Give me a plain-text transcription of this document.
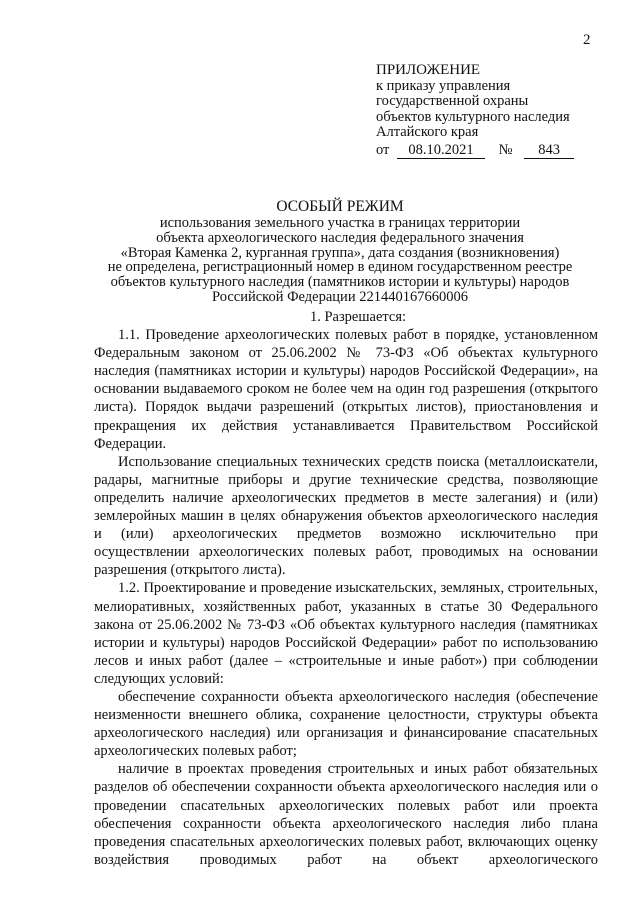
2
ПРИЛОЖЕНИЕ
к приказу управления
государственной охраны
объектов культурного наследия
Алтайского края
от 08.10.2021 № 843
ОСОБЫЙ РЕЖИМ
использования земельного участка в границах территории
объекта археологического наследия федерального значения
«Вторая Каменка 2, курганная группа», дата создания (возникновения)
не определена, регистрационный номер в едином государственном реестре
объектов культурного наследия (памятников истории и культуры) народов
Российской Федерации 221440167660006

1. Разрешается:

1.1. Проведение археологических полевых работ в порядке, установленном Федеральным законом от 25.06.2002 № 73-ФЗ «Об объектах культурного наследия (памятниках истории и культуры) народов Российской Федерации», на основании выдаваемого сроком не более чем на один год разрешения (открытого листа). Порядок выдачи разрешений (открытых листов), приостановления и прекращения их действия устанавливается Правительством Российской Федерации.

Использование специальных технических средств поиска (металлоискатели, радары, магнитные приборы и другие технические средства, позволяющие определить наличие археологических предметов в месте залегания) и (или) землеройных машин в целях обнаружения объектов археологического наследия и (или) археологических предметов возможно исключительно при осуществлении археологических полевых работ, проводимых на основании разрешения (открытого листа).

1.2. Проектирование и проведение изыскательских, земляных, строительных, мелиоративных, хозяйственных работ, указанных в статье 30 Федерального закона от 25.06.2002 № 73-ФЗ «Об объектах культурного наследия (памятниках истории и культуры) народов Российской Федерации» работ по использованию лесов и иных работ (далее – «строительные и иные работ») при соблюдении следующих условий:

обеспечение сохранности объекта археологического наследия (обеспечение неизменности внешнего облика, сохранение целостности, структуры объекта археологического наследия) или организация и финансирование спасательных археологических полевых работ;

наличие в проектах проведения строительных и иных работ обязательных разделов об обеспечении сохранности объекта археологического наследия или о проведении спасательных археологических полевых работ или проекта обеспечения сохранности объекта археологического наследия либо плана проведения спасательных археологических полевых работ, включающих оценку воздействия проводимых работ на объект археологического
